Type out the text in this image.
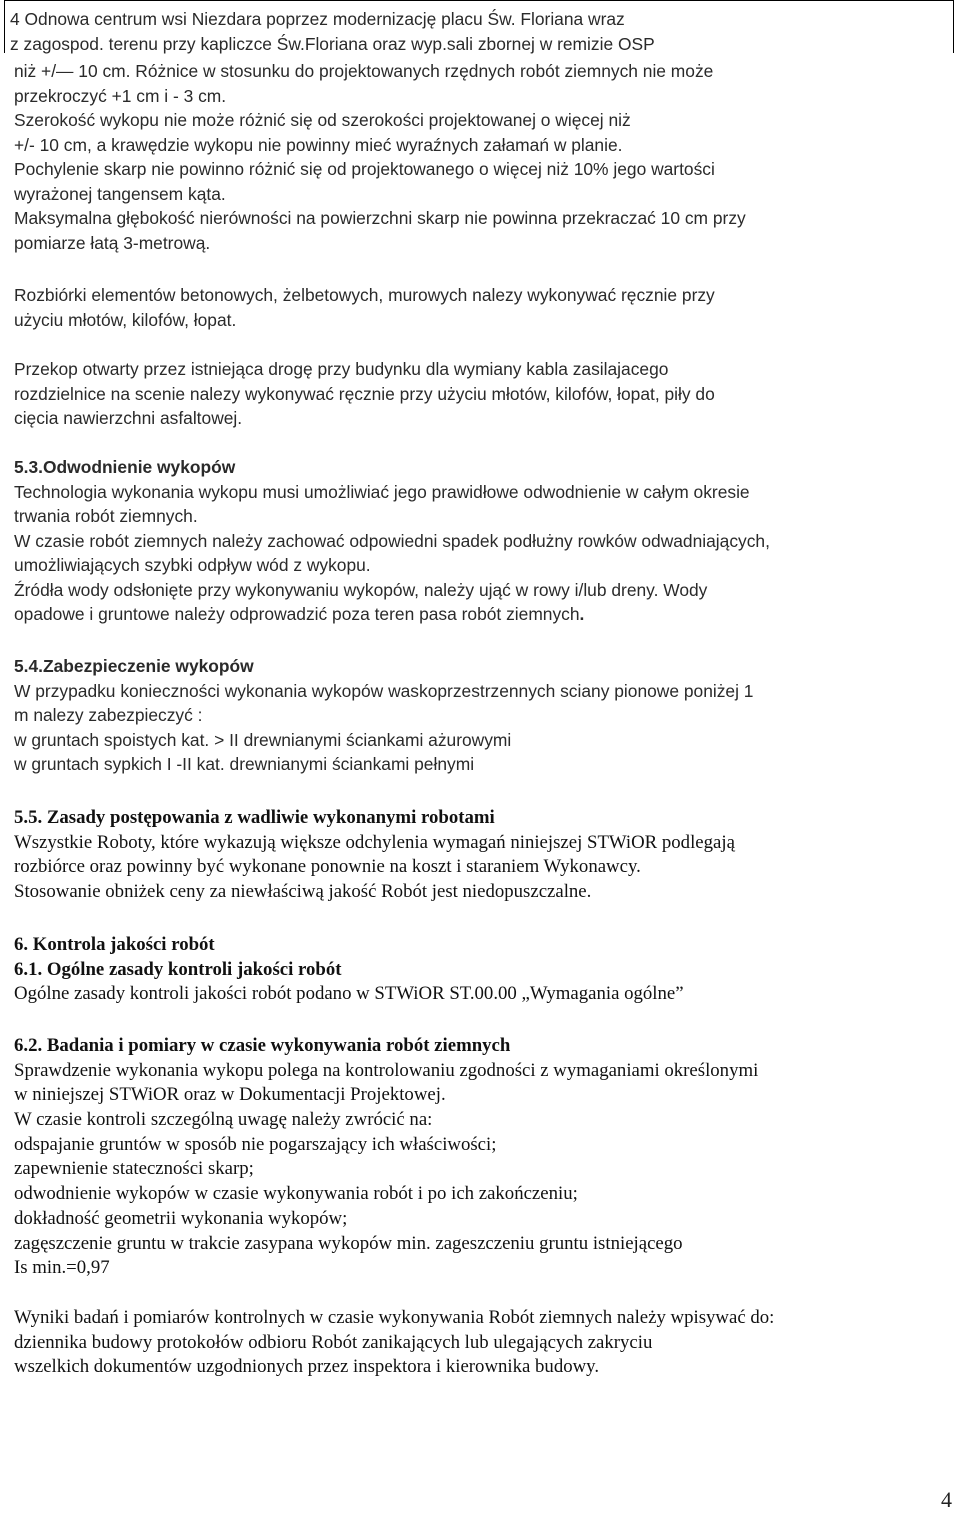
4 Odnowa centrum wsi Niezdara poprzez modernizację placu Św. Floriana wraz
z zagospod. terenu przy kapliczce Św.Floriana oraz wyp.sali zbornej w remizie OSP
niż +/— 10 cm. Różnice w stosunku do projektowanych rzędnych robót ziemnych nie może
przekroczyć +1 cm i - 3 cm.
Szerokość wykopu nie może różnić się od szerokości projektowanej o więcej niż
+/- 10 cm, a krawędzie wykopu nie powinny mieć wyraźnych załamań w planie.
Pochylenie skarp nie powinno różnić się od projektowanego o więcej niż 10% jego wartości
wyrażonej tangensem kąta.
Maksymalna głębokość nierówności na powierzchni skarp nie powinna przekraczać 10 cm przy
pomiarze łatą 3-metrową.
Rozbiórki elementów betonowych, żelbetowych, murowych nalezy wykonywać ręcznie przy
użyciu młotów, kilofów, łopat.
Przekop otwarty przez istniejąca drogę przy budynku dla wymiany kabla zasilajacego
rozdzielnice na scenie nalezy wykonywać ręcznie przy użyciu młotów, kilofów, łopat, piły do
cięcia nawierzchni asfaltowej.
5.3.Odwodnienie wykopów
Technologia wykonania wykopu musi umożliwiać jego prawidłowe odwodnienie w całym okresie
trwania robót ziemnych.
W czasie robót ziemnych należy zachować odpowiedni spadek podłużny rowków odwadniających,
umożliwiających szybki odpływ wód z wykopu.
Źródła wody odsłonięte przy wykonywaniu wykopów, należy ująć w rowy i/lub dreny. Wody
opadowe i gruntowe należy odprowadzić poza teren pasa robót ziemnych.
5.4.Zabezpieczenie wykopów
W przypadku konieczności wykonania wykopów waskoprzestrzennych sciany pionowe poniżej 1
m nalezy zabezpieczyć :
w gruntach spoistych kat. > II drewnianymi ściankami ażurowymi
w gruntach sypkich I -II kat. drewnianymi ściankami pełnymi
5.5. Zasady postępowania z wadliwie wykonanymi robotami
Wszystkie Roboty, które wykazują większe odchylenia wymagań niniejszej STWiOR podlegają
rozbiórce oraz powinny być wykonane ponownie na koszt i staraniem Wykonawcy.
Stosowanie obniżek ceny za niewłaściwą jakość Robót jest niedopuszczalne.
6. Kontrola jakości robót
6.1. Ogólne zasady kontroli jakości robót
Ogólne zasady kontroli jakości robót podano w STWiOR ST.00.00 „Wymagania ogólne”
6.2. Badania i pomiary w czasie wykonywania robót ziemnych
Sprawdzenie wykonania wykopu polega na kontrolowaniu zgodności z wymaganiami określonymi
w niniejszej STWiOR oraz w Dokumentacji Projektowej.
W czasie kontroli szczególną uwagę należy zwrócić na:
odspajanie gruntów w sposób nie pogarszający ich właściwości;
zapewnienie stateczności skarp;
odwodnienie wykopów w czasie wykonywania robót i po ich zakończeniu;
dokładność geometrii wykonania wykopów;
zagęszczenie gruntu w trakcie zasypana wykopów min. zageszczeniu gruntu istniejącego
Is min.=0,97
Wyniki badań i pomiarów kontrolnych w czasie wykonywania Robót ziemnych należy wpisywać do:
dziennika budowy protokołów odbioru Robót zanikających lub ulegających zakryciu
wszelkich dokumentów uzgodnionych przez inspektora i kierownika budowy.
4
